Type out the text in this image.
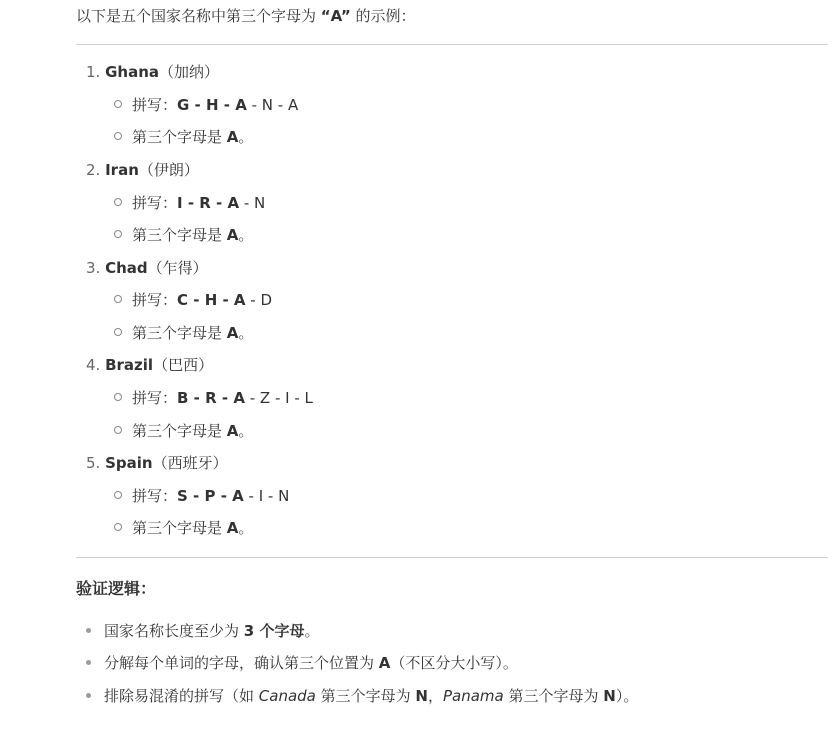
以下是五个国家名称中第三个字母为 “A” 的示例：
1. Ghana（加纳）
拼写：G - H - A - N - A
第三个字母是 A。
2. Iran（伊朗）
拼写：I - R - A - N
第三个字母是 A。
3. Chad（乍得）
拼写：C - H - A - D
第三个字母是 A。
4. Brazil（巴西）
拼写：B - R - A - Z - I - L
第三个字母是 A。
5. Spain（西班牙）
拼写：S - P - A - I - N
第三个字母是 A。
验证逻辑：
国家名称长度至少为 3 个字母。
分解每个单词的字母，确认第三个位置为 A（不区分大小写）。
排除易混淆的拼写（如 Canada 第三个字母为 N，Panama 第三个字母为 N）。
